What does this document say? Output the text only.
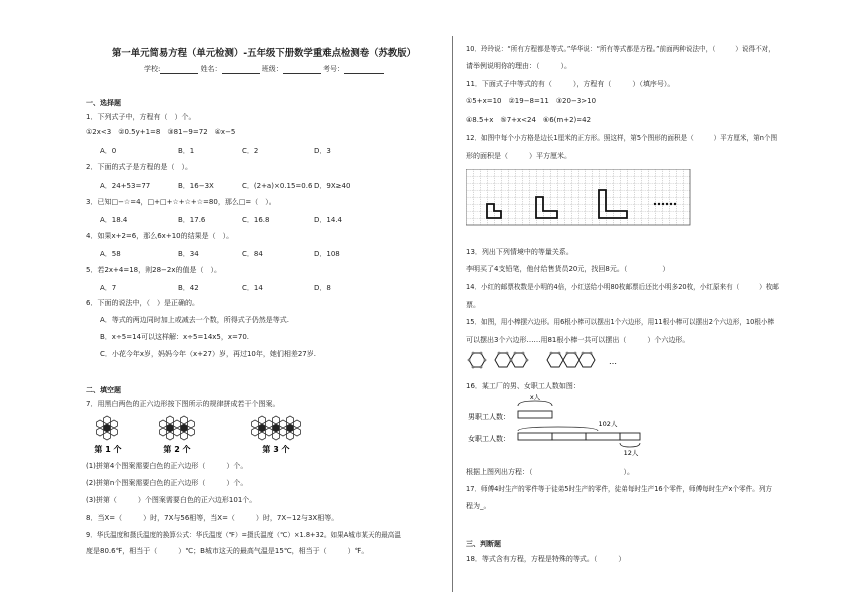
第一单元简易方程（单元检测）-五年级下册数学重难点检测卷（苏教版）
学校:	姓名：	班级：	考号：
一、选择题
1．下列式子中，方程有（　）个。
①2x<3　②0.5y+1=8　③81−9=72　④x−5
A．0	B．1	C．2	D．3
2．下面的式子是方程的是（　）。
A．24+53=77	B．16−3X	C．(2+a)×0.15=0.6 D．9X≥40
3．已知□−☆=4，□+□+☆+☆+☆=80，那么□=（　）。
A．18.4	B．17.6	C．16.8	D．14.4
4．如果x+2=6，那么6x+10的结果是（　）。
A．58	B．34	C．84	D．108
5．若2x+4=18，则28−2x的值是（　）。
A．7	B．42	C．14	D．8
6．下面的说法中，（　）是正确的。
A．等式的两边同时加上或减去一个数，所得式子仍然是等式.
B．x÷5=14可以这样解：x÷5=14x5，x=70.
C．小花今年x岁，妈妈今年（x+27）岁，再过10年，她们相差27岁.
二、填空题
7．用黑白两色的正六边形按下图所示的规律拼成若干个图案。
第 1 个	第 2 个	第 3 个
(1)拼第4个图案需要白色的正六边形（　　　）个。
(2)拼第n个图案需要白色的正六边形（　　　）个。
(3)拼第（　　　）个图案需要白色的正六边形101个。
8．当X=（　　　）时，7X与56相等，当X=（　　　）时，7X−12与3X相等。
9．华氏温度和摄氏温度的换算公式：华氏温度（℉）=摄氏温度（℃）×1.8+32。如果A城市某天的最高温
度是80.6℉，相当于（　　　）℃；B城市这天的最高气温是15℃，相当于（　　　）℉。
10．玲玲说：“所有方程都是等式。”华华说：“所有等式都是方程。”前面两种说法中，（　　　）说得不对，
请举例说明你的理由：（　　　）。
11．下面式子中等式的有（　　　），方程有（　　　）（填序号）。
①5+x=10　②19−8=11　③20−3>10
④8.5+x　⑤7+x<24　⑥6(m+2)=42
12．如图中每个小方格是边长1厘米的正方形。照这样，第5个图形的面积是（　　　）平方厘米，第n个图
形的面积是（　　　）平方厘米。
13．列出下列情境中的等量关系。
李明买了4支铅笔，他付给售货员20元，找回8元。（　　　　　）
14．小红的邮票枚数是小明的4倍，小红送给小明80枚邮票后还比小明多20枚，小红原来有（　　　）枚邮
票。
15．如图，用小棒摆六边形。用6根小棒可以摆出1个六边形，用11根小棒可以摆出2个六边形，10根小棒
可以摆出3个六边形……用81根小棒一共可以摆出（　　　）个六边形。
…
16．某工厂的男、女职工人数如图：
男职工人数：
女职工人数：
x人
102人
12人
根据上图列出方程：（　　　　　　　　　　　　　）。
17．师傅4时生产的零件等于徒弟5时生产的零件，徒弟每时生产16个零件，师傅每时生产x个零件。列方
程为_。
三、判断题
18．等式含有方程，方程是特殊的等式。（　　　）
